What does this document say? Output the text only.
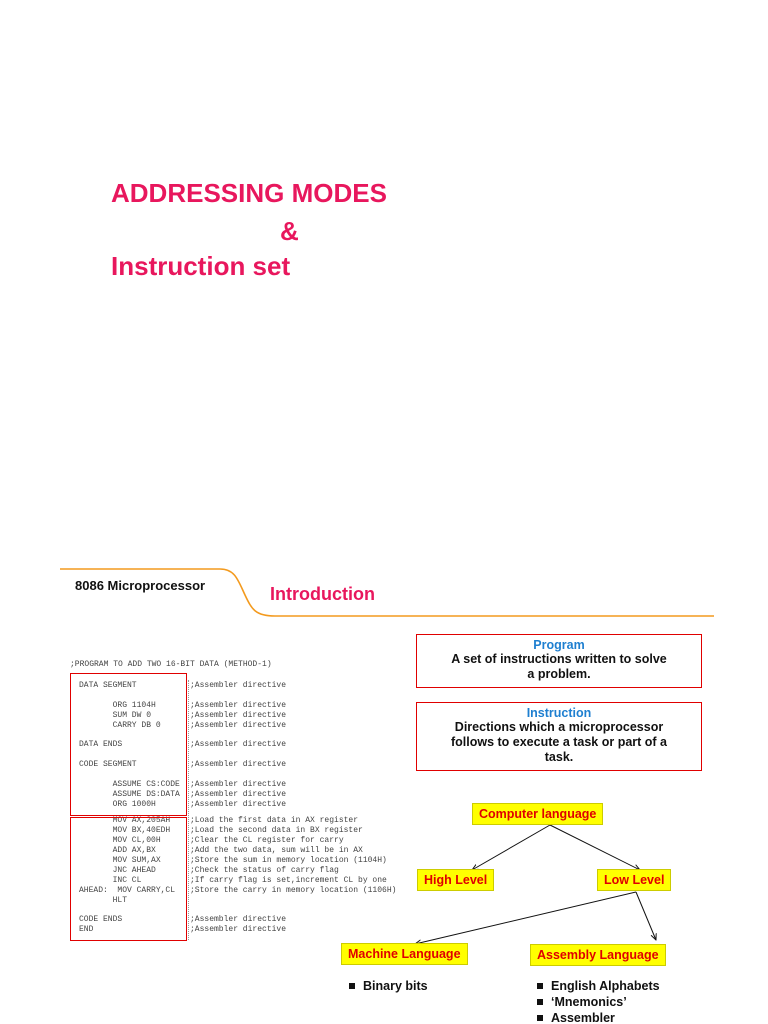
ADDRESSING MODES
&
Instruction set
8086 Microprocessor	Introduction
;PROGRAM TO ADD TWO 16-BIT DATA (METHOD-1)
DATA SEGMENT	;Assembler directive
ORG 1104H	;Assembler directive
SUM DW 0	;Assembler directive
CARRY DB 0	;Assembler directive
DATA ENDS	;Assembler directive
CODE SEGMENT	;Assembler directive
ASSUME CS:CODE ;Assembler directive
ASSUME DS:DATA ;Assembler directive
ORG 1000H	;Assembler directive
MOV AX,205AH ;Load the first data in AX register
MOV BX,40EDH ;Load the second data in BX register
MOV CL,00H	;Clear the CL register for carry
ADD AX,BX	;Add the two data, sum will be in AX
MOV SUM,AX	;Store the sum in memory location (1104H)
JNC AHEAD	;Check the status of carry flag
INC CL	;If carry flag is set,increment CL by one
AHEAD:  MOV CARRY,CL ;Store the carry in memory location (1106H)
HLT
CODE ENDS	;Assembler directive
END	;Assembler directive
Program
A set of instructions written to solve
a problem.
Instruction
Directions which a microprocessor
follows to execute a task or part of a
task.
Computer language
High Level	Low Level
Machine Language	Assembly Language
Binary bits	English Alphabets
‘Mnemonics’
Assembler
